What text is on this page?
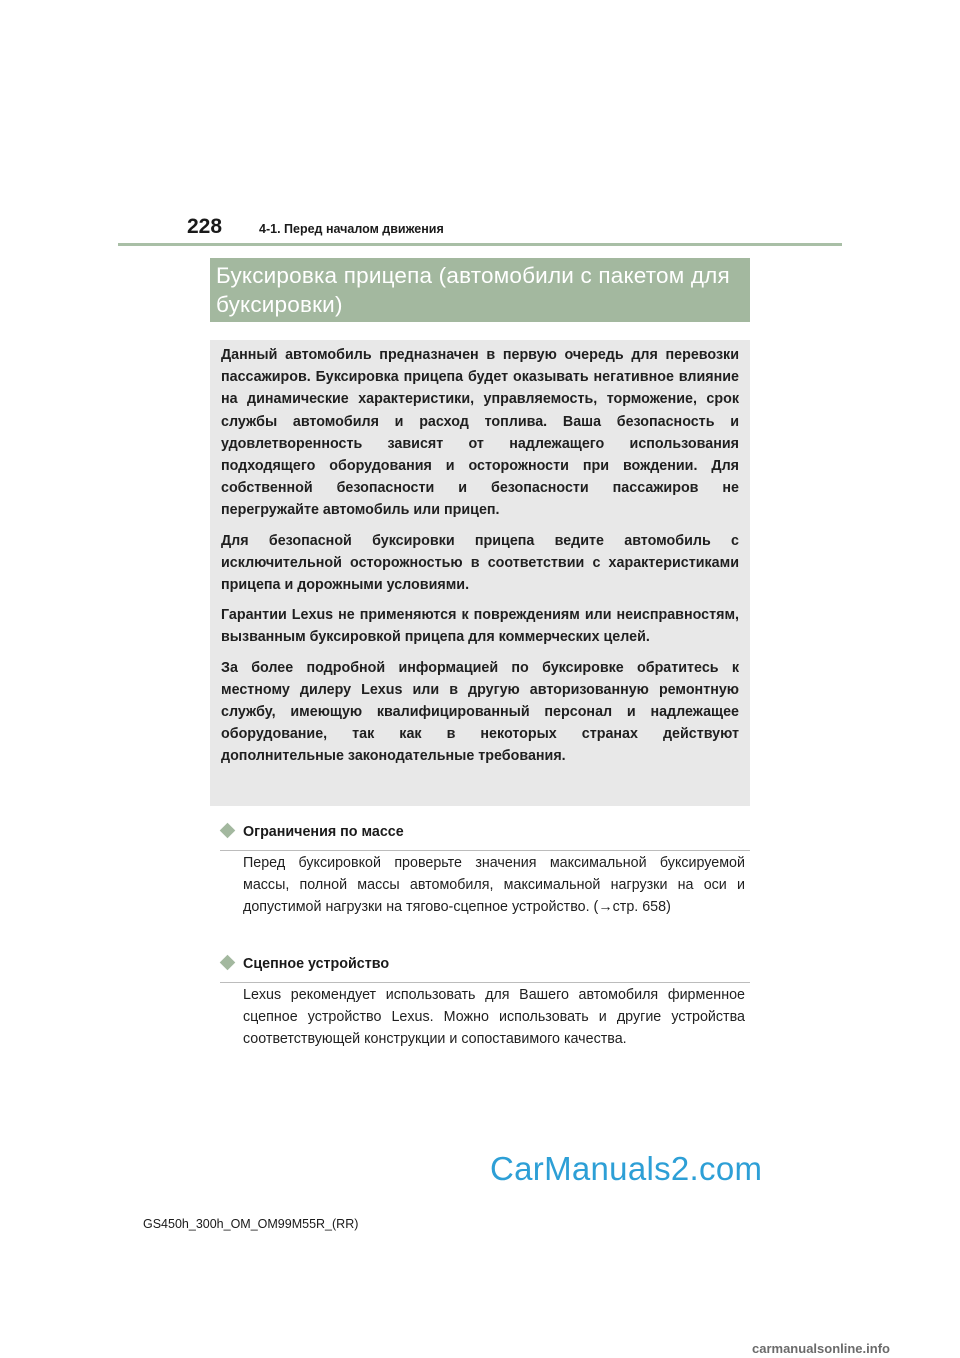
228	4-1. Перед началом движения
Буксировка прицепа (автомобили с пакетом для буксировки)

Данный автомобиль предназначен в первую очередь для перевозки пассажиров. Буксировка прицепа будет оказывать негативное влияние на динамические характеристики, управляемость, торможение, срок службы автомобиля и расход топлива. Ваша безопасность и удовлетворенность зависят от надлежащего использования подходящего оборудования и осторожности при вождении. Для собственной безопасности и безопасности пассажиров не перегружайте автомобиль или прицеп.

Для безопасной буксировки прицепа ведите автомобиль с исключительной осторожностью в соответствии с характеристиками прицепа и дорожными условиями.

Гарантии Lexus не применяются к повреждениям или неисправностям, вызванным буксировкой прицепа для коммерческих целей.

За более подробной информацией по буксировке обратитесь к местному дилеру Lexus или в другую авторизованную ремонтную службу, имеющую квалифицированный персонал и надлежащее оборудование, так как в некоторых странах действуют дополнительные законодательные требования.

Ограничения по массе

Перед буксировкой проверьте значения максимальной буксируемой массы, полной массы автомобиля, максимальной нагрузки на оси и допустимой нагрузки на тягово-сцепное устройство. (→стр. 658)

Сцепное устройство

Lexus рекомендует использовать для Вашего автомобиля фирменное сцепное устройство Lexus. Можно использовать и другие устройства соответствующей конструкции и сопоставимого качества.

CarManuals2.com
GS450h_300h_OM_OM99M55R_(RR)
carmanualsonline.info
